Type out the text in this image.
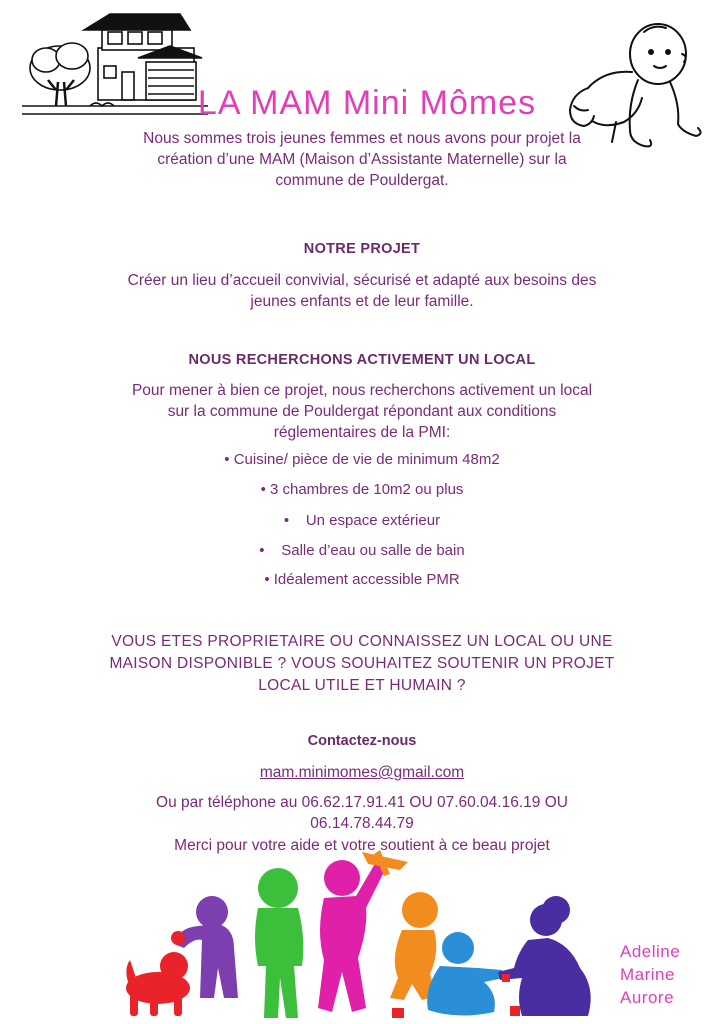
LA MAM Mini Mômes
Nous sommes trois jeunes femmes et nous avons pour projet la
création d’une MAM (Maison d’Assistante Maternelle) sur la
commune de Pouldergat.
NOTRE PROJET
Créer un lieu d’accueil convivial, sécurisé et adapté aux besoins des
jeunes enfants et de leur famille.
NOUS RECHERCHONS ACTIVEMENT UN LOCAL
Pour mener à bien ce projet, nous recherchons activement un local
sur la commune de Pouldergat répondant aux conditions
réglementaires de la PMI:
• Cuisine/ pièce de vie de minimum 48m2
• 3 chambres de 10m2 ou plus
•    Un espace extérieur
•    Salle d’eau ou salle de bain
• Idéalement accessible PMR
VOUS ETES PROPRIETAIRE OU CONNAISSEZ UN LOCAL OU UNE
MAISON DISPONIBLE ? VOUS SOUHAITEZ SOUTENIR UN PROJET
LOCAL UTILE ET HUMAIN ?
Contactez-nous
mam.minimomes@gmail.com
Ou par téléphone au 06.62.17.91.41 OU 07.60.04.16.19 OU
06.14.78.44.79
Merci pour votre aide et votre soutient à ce beau projet
Adeline
Marine
Aurore
